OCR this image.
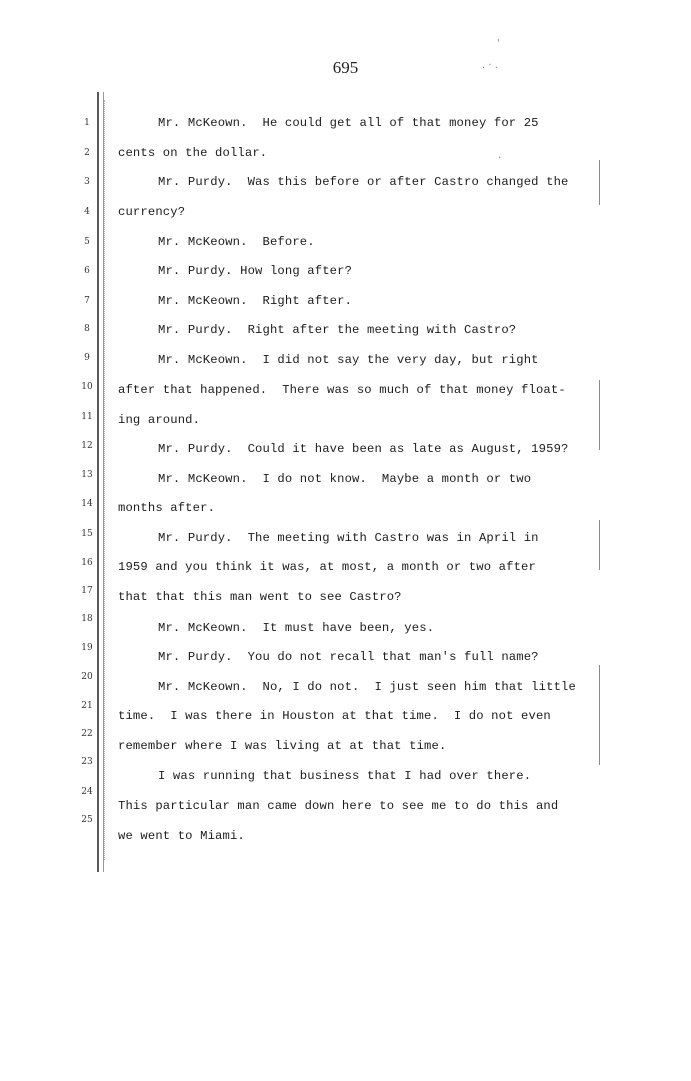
695	. · .
'
.
1
2
3
4
5
6
7
8
9
10
11
12
13
14
15
16
17
18
19
20
21
22
23
24
25
Mr. McKeown.  He could get all of that money for 25
cents on the dollar.
Mr. Purdy.  Was this before or after Castro changed the
currency?
Mr. McKeown.  Before.
Mr. Purdy. How long after?
Mr. McKeown.  Right after.
Mr. Purdy.  Right after the meeting with Castro?
Mr. McKeown.  I did not say the very day, but right
after that happened.  There was so much of that money float-
ing around.
Mr. Purdy.  Could it have been as late as August, 1959?
Mr. McKeown.  I do not know.  Maybe a month or two
months after.
Mr. Purdy.  The meeting with Castro was in April in
1959 and you think it was, at most, a month or two after
that that this man went to see Castro?
Mr. McKeown.  It must have been, yes.
Mr. Purdy.  You do not recall that man's full name?
Mr. McKeown.  No, I do not.  I just seen him that little
time.  I was there in Houston at that time.  I do not even
remember where I was living at at that time.
I was running that business that I had over there.
This particular man came down here to see me to do this and
we went to Miami.
